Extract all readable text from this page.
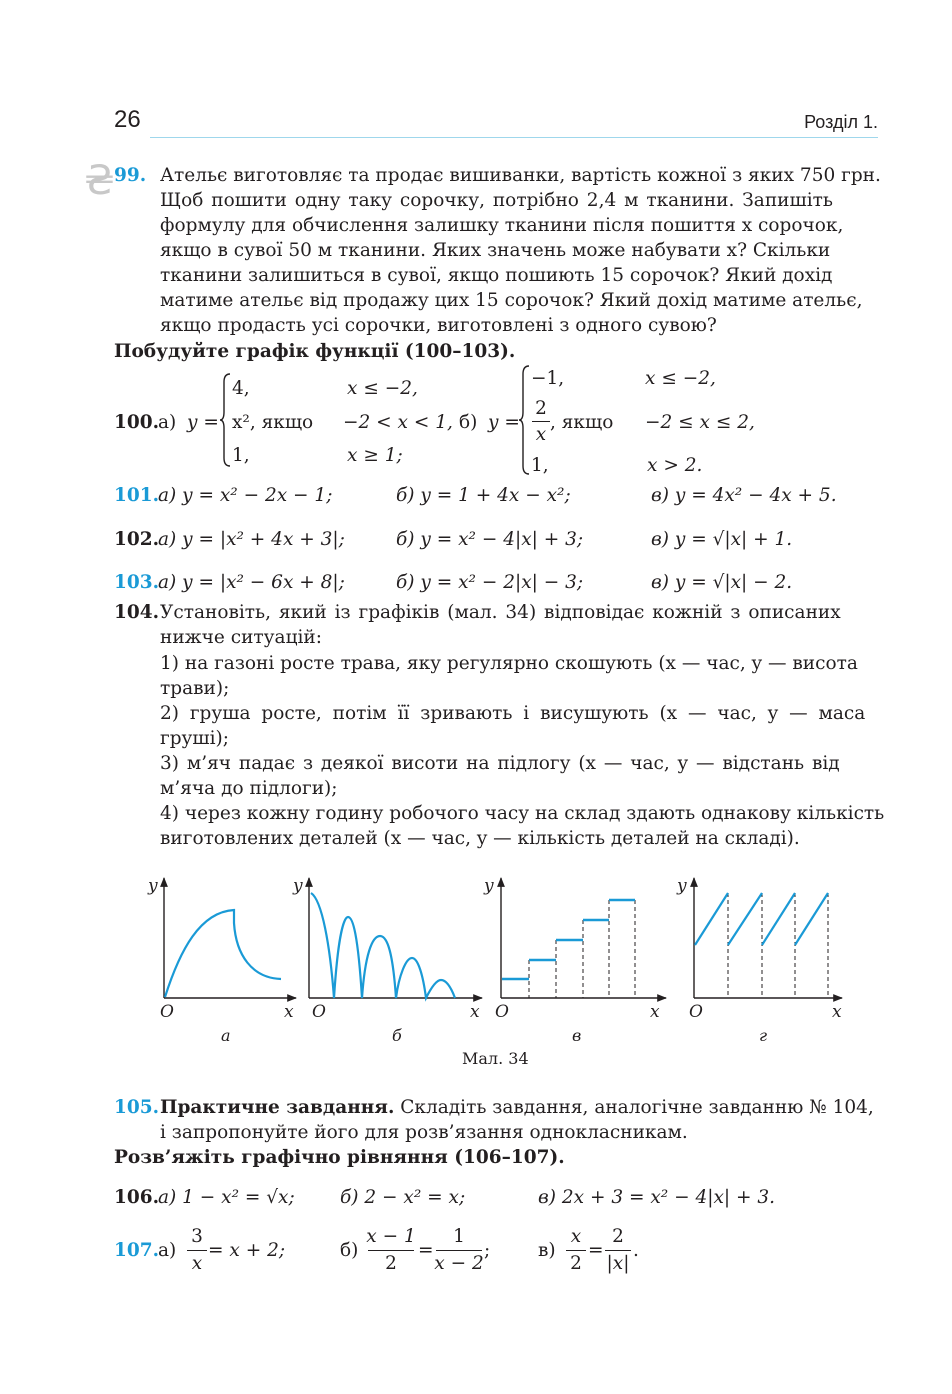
26	Розділ 1.
₴ 99. Ательє виготовляє та продає вишиванки, вартість кожної з яких 750 грн.
Щоб пошити одну таку сорочку, потрібно 2,4 м тканини. Запишіть
формулу для обчислення залишку тканини після пошиття x сорочок,
якщо в сувої 50 м тканини. Яких значень може набувати x? Скільки
тканини залишиться в сувої, якщо пошиють 15 сорочок? Який дохід
матиме ательє від продажу цих 15 сорочок? Який дохід матиме ательє,
якщо продасть усі сорочки, виготовлені з одного сувою?
Побудуйте графік функції (100–103).
100.
а) y =
4,	x ≤ −2,
x², якщо −2 < x < 1,
1,	x ≥ 1;
б) y =
−1,	x ≤ −2,
2
x
, якщо −2 ≤ x ≤ 2,
1,	x > 2.
101.
а) y = x² − 2x − 1;	б) y = 1 + 4x − x²;	в) y = 4x² − 4x + 5.
102.
а) y = |x² + 4x + 3|;	б) y = x² − 4|x| + 3;	в) y = √|x| + 1.
103.
а) y = |x² − 6x + 8|;	б) y = x² − 2|x| − 3;	в) y = √|x| − 2.
104. Установіть, який із графіків (мал. 34) відповідає кожній з описаних
нижче ситуацій:
1) на газоні росте трава, яку регулярно скошують (x — час, y — висота
трави);
2) груша росте, потім її зривають і висушують (x — час, y — маса
груші);
3) м’яч падає з деякої висоти на підлогу (x — час, y — відстань від
м’яча до підлоги);
4) через кожну годину робочого часу на склад здають однакову кількість
виготовлених деталей (x — час, y — кількість деталей на складі).
y
O	x
y
O	x
y
O	x
y
O	x
а	б	в	г
Мал. 34
105. Практичне завдання. Складіть завдання, аналогічне завданню № 104,
і запропонуйте його для розв’язання однокласникам.
Розв’яжіть графічно рівняння (106–107).
106.
а) 1 − x² = √x; б) 2 − x² = x;	в) 2x + 3 = x² − 4|x| + 3.
107.
а)
3
x
= x + 2;	б)
x − 1
2
=
1
x − 2
;	в)
x
2
=
2
|x|
.
